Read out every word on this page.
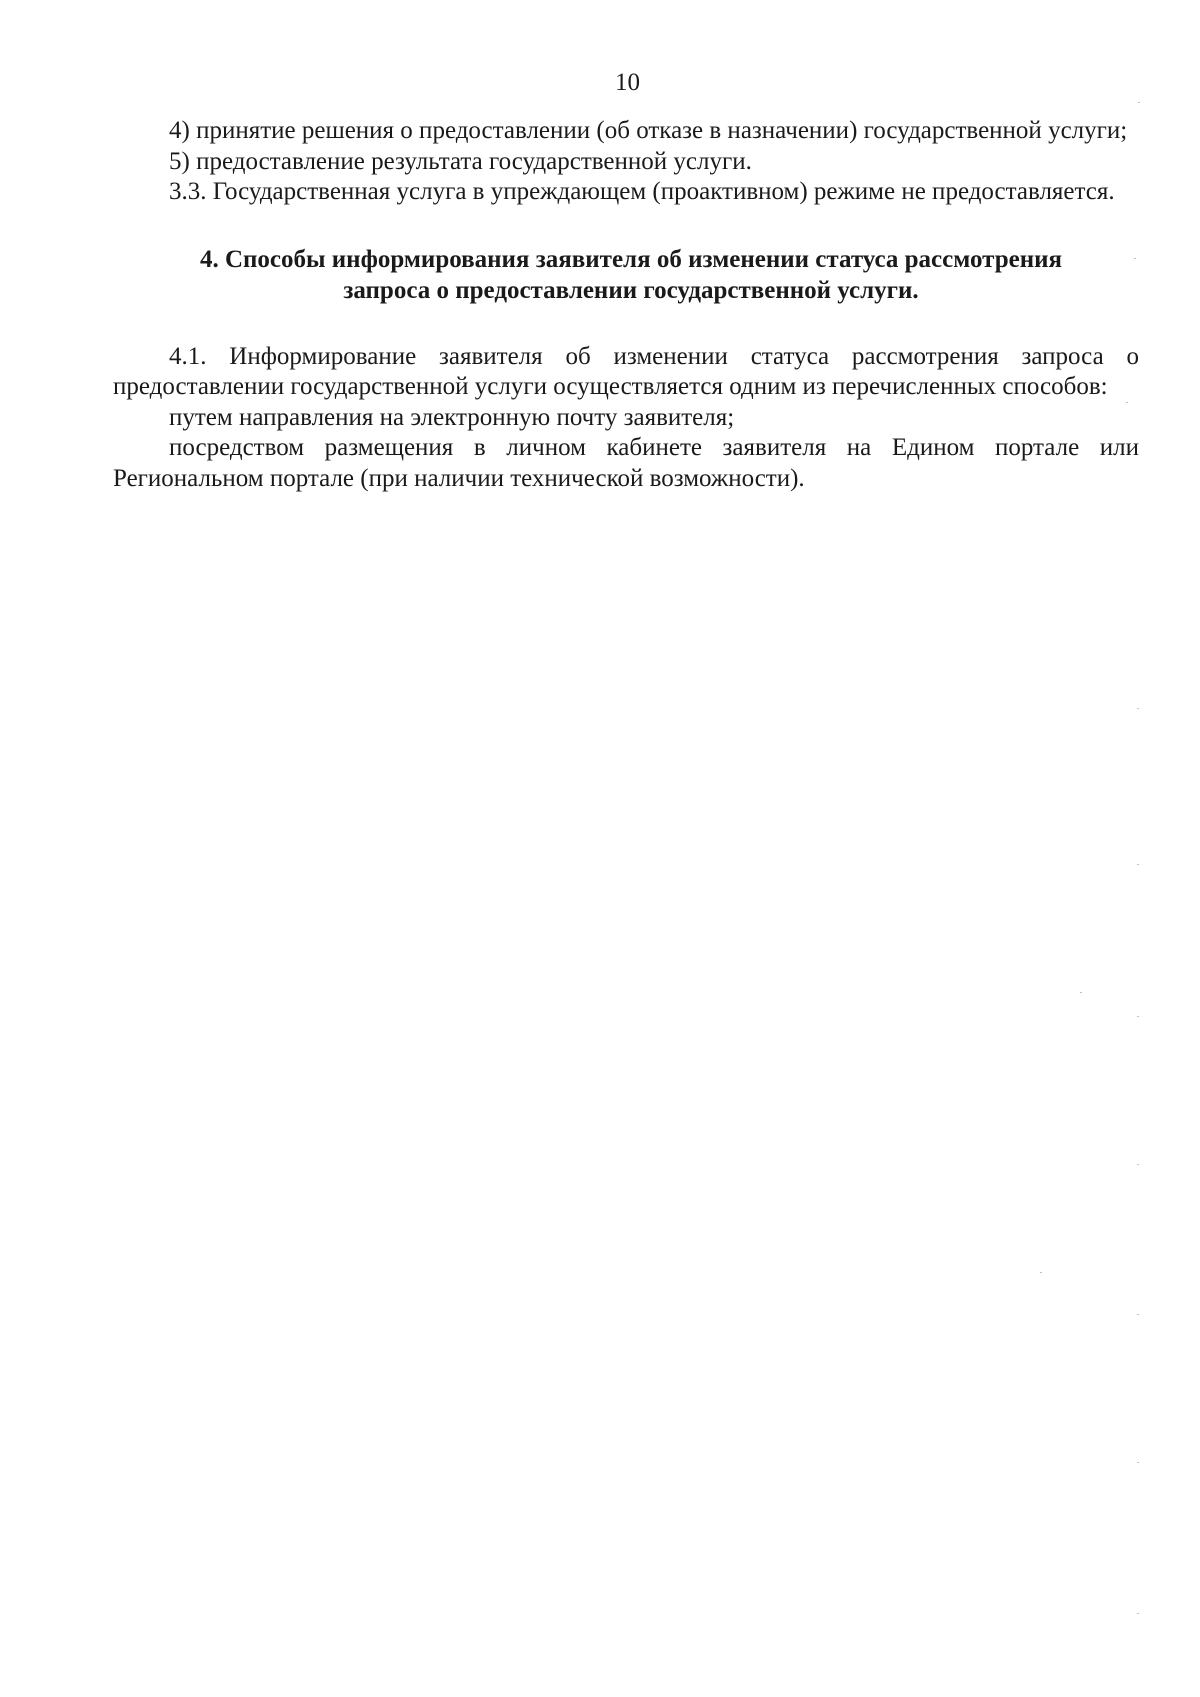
10

4) принятие решения о предоставлении (об отказе в назначении) государственной услуги;

5) предоставление результата государственной услуги.

3.3. Государственная услуга в упреждающем (проактивном) режиме не предоставляется.

4. Способы информирования заявителя об изменении статуса рассмотрения
запроса о предоставлении государственной услуги.

4.1. Информирование заявителя об изменении статуса рассмотрения запроса о предоставлении государственной услуги осуществляется одним из перечисленных способов:

путем направления на электронную почту заявителя;

посредством размещения в личном кабинете заявителя на Едином портале или Региональном портале (при наличии технической возможности).
